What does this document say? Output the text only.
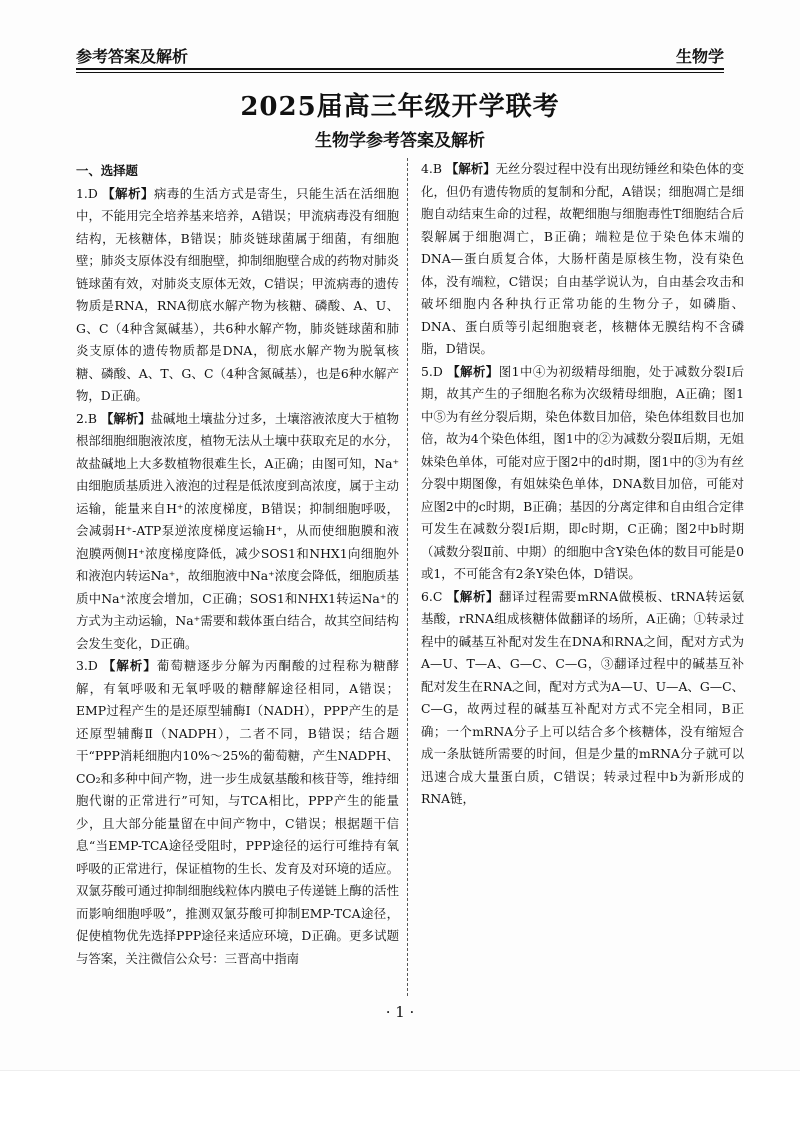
参考答案及解析	生物学
2025届高三年级开学联考
生物学参考答案及解析
一、选择题

1.D 【解析】病毒的生活方式是寄生，只能生活在活细胞中，不能用完全培养基来培养，A错误；甲流病毒没有细胞结构，无核糖体，B错误；肺炎链球菌属于细菌，有细胞壁；肺炎支原体没有细胞壁，抑制细胞壁合成的药物对肺炎链球菌有效，对肺炎支原体无效，C错误；甲流病毒的遗传物质是RNA，RNA彻底水解产物为核糖、磷酸、A、U、G、C（4种含氮碱基），共6种水解产物，肺炎链球菌和肺炎支原体的遗传物质都是DNA，彻底水解产物为脱氧核糖、磷酸、A、T、G、C（4种含氮碱基），也是6种水解产物，D正确。

2.B 【解析】盐碱地土壤盐分过多，土壤溶液浓度大于植物根部细胞细胞液浓度，植物无法从土壤中获取充足的水分，故盐碱地上大多数植物很难生长，A正确；由图可知，Na⁺由细胞质基质进入液泡的过程是低浓度到高浓度，属于主动运输，能量来自H⁺的浓度梯度，B错误；抑制细胞呼吸，会减弱H⁺-ATP泵逆浓度梯度运输H⁺，从而使细胞膜和液泡膜两侧H⁺浓度梯度降低，减少SOS1和NHX1向细胞外和液泡内转运Na⁺，故细胞液中Na⁺浓度会降低，细胞质基质中Na⁺浓度会增加，C正确；SOS1和NHX1转运Na⁺的方式为主动运输，Na⁺需要和载体蛋白结合，故其空间结构会发生变化，D正确。

3.D 【解析】葡萄糖逐步分解为丙酮酸的过程称为糖酵解，有氧呼吸和无氧呼吸的糖酵解途径相同，A错误；EMP过程产生的是还原型辅酶Ⅰ（NADH），PPP产生的是还原型辅酶Ⅱ（NADPH），二者不同，B错误；结合题干“PPP消耗细胞内10%～25%的葡萄糖，产生NADPH、CO₂和多种中间产物，进一步生成氨基酸和核苷等，维持细胞代谢的正常进行”可知，与TCA相比，PPP产生的能量少，且大部分能量留在中间产物中，C错误；根据题干信息“当EMP-TCA途径受阻时，PPP途径的运行可维持有氧呼吸的正常进行，保证植物的生长、发育及对环境的适应。双氯芬酸可通过抑制细胞线粒体内膜电子传递链上酶的活性而影响细胞呼吸”，推测双氯芬酸可抑制EMP-TCA途径，促使植物优先选择PPP途径来适应环境，D正确。更多试题与答案，关注微信公众号：三晋高中指南

4.B 【解析】无丝分裂过程中没有出现纺锤丝和染色体的变化，但仍有遗传物质的复制和分配，A错误；细胞凋亡是细胞自动结束生命的过程，故靶细胞与细胞毒性T细胞结合后裂解属于细胞凋亡，B正确；端粒是位于染色体末端的DNA—蛋白质复合体，大肠杆菌是原核生物，没有染色体，没有端粒，C错误；自由基学说认为，自由基会攻击和破坏细胞内各种执行正常功能的生物分子，如磷脂、DNA、蛋白质等引起细胞衰老，核糖体无膜结构不含磷脂，D错误。

5.D 【解析】图1中④为初级精母细胞，处于减数分裂Ⅰ后期，故其产生的子细胞名称为次级精母细胞，A正确；图1中⑤为有丝分裂后期，染色体数目加倍，染色体组数目也加倍，故为4个染色体组，图1中的②为减数分裂Ⅱ后期，无姐妹染色单体，可能对应于图2中的d时期，图1中的③为有丝分裂中期图像，有姐妹染色单体，DNA数目加倍，可能对应图2中的c时期，B正确；基因的分离定律和自由组合定律可发生在减数分裂Ⅰ后期，即c时期，C正确；图2中b时期（减数分裂Ⅱ前、中期）的细胞中含Y染色体的数目可能是0或1，不可能含有2条Y染色体，D错误。

6.C 【解析】翻译过程需要mRNA做模板、tRNA转运氨基酸，rRNA组成核糖体做翻译的场所，A正确；①转录过程中的碱基互补配对发生在DNA和RNA之间，配对方式为A—U、T—A、G—C、C—G，③翻译过程中的碱基互补配对发生在RNA之间，配对方式为A—U、U—A、G—C、C—G，故两过程的碱基互补配对方式不完全相同，B正确；一个mRNA分子上可以结合多个核糖体，没有缩短合成一条肽链所需要的时间，但是少量的mRNA分子就可以迅速合成大量蛋白质，C错误；转录过程中b为新形成的RNA链，

· 1 ·
